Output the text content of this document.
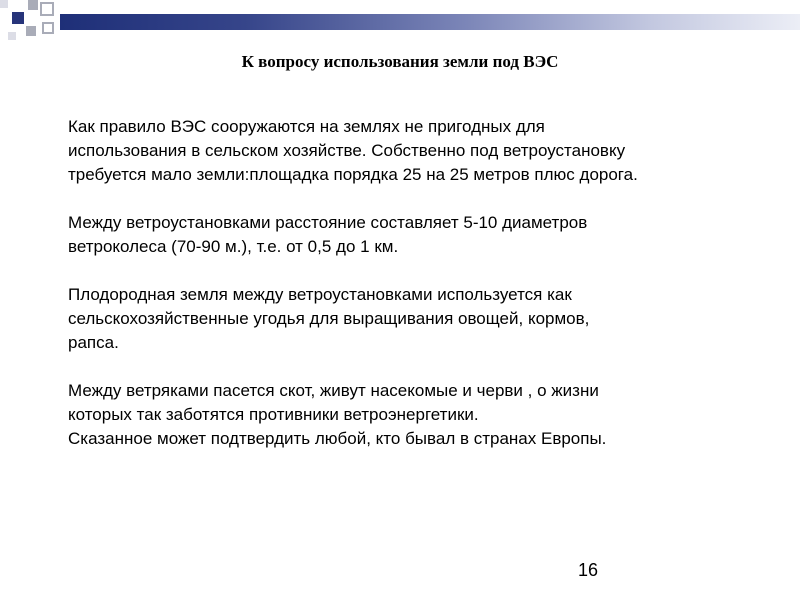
К вопросу использования земли под ВЭС

Как правило ВЭС сооружаются на землях не пригодных для
использования в сельском хозяйстве. Собственно под ветроустановку
требуется мало земли:площадка порядка 25 на 25 метров плюс дорога.

Между ветроустановками расстояние составляет 5-10 диаметров
ветроколеса (70-90 м.), т.е. от 0,5 до 1 км.

Плодородная земля между ветроустановками используется как
сельскохозяйственные угодья для выращивания овощей, кормов,
рапса.

Между ветряками пасется скот, живут насекомые и черви , о жизни
которых так заботятся противники ветроэнергетики.
Сказанное может подтвердить любой, кто бывал в странах Европы.

16
